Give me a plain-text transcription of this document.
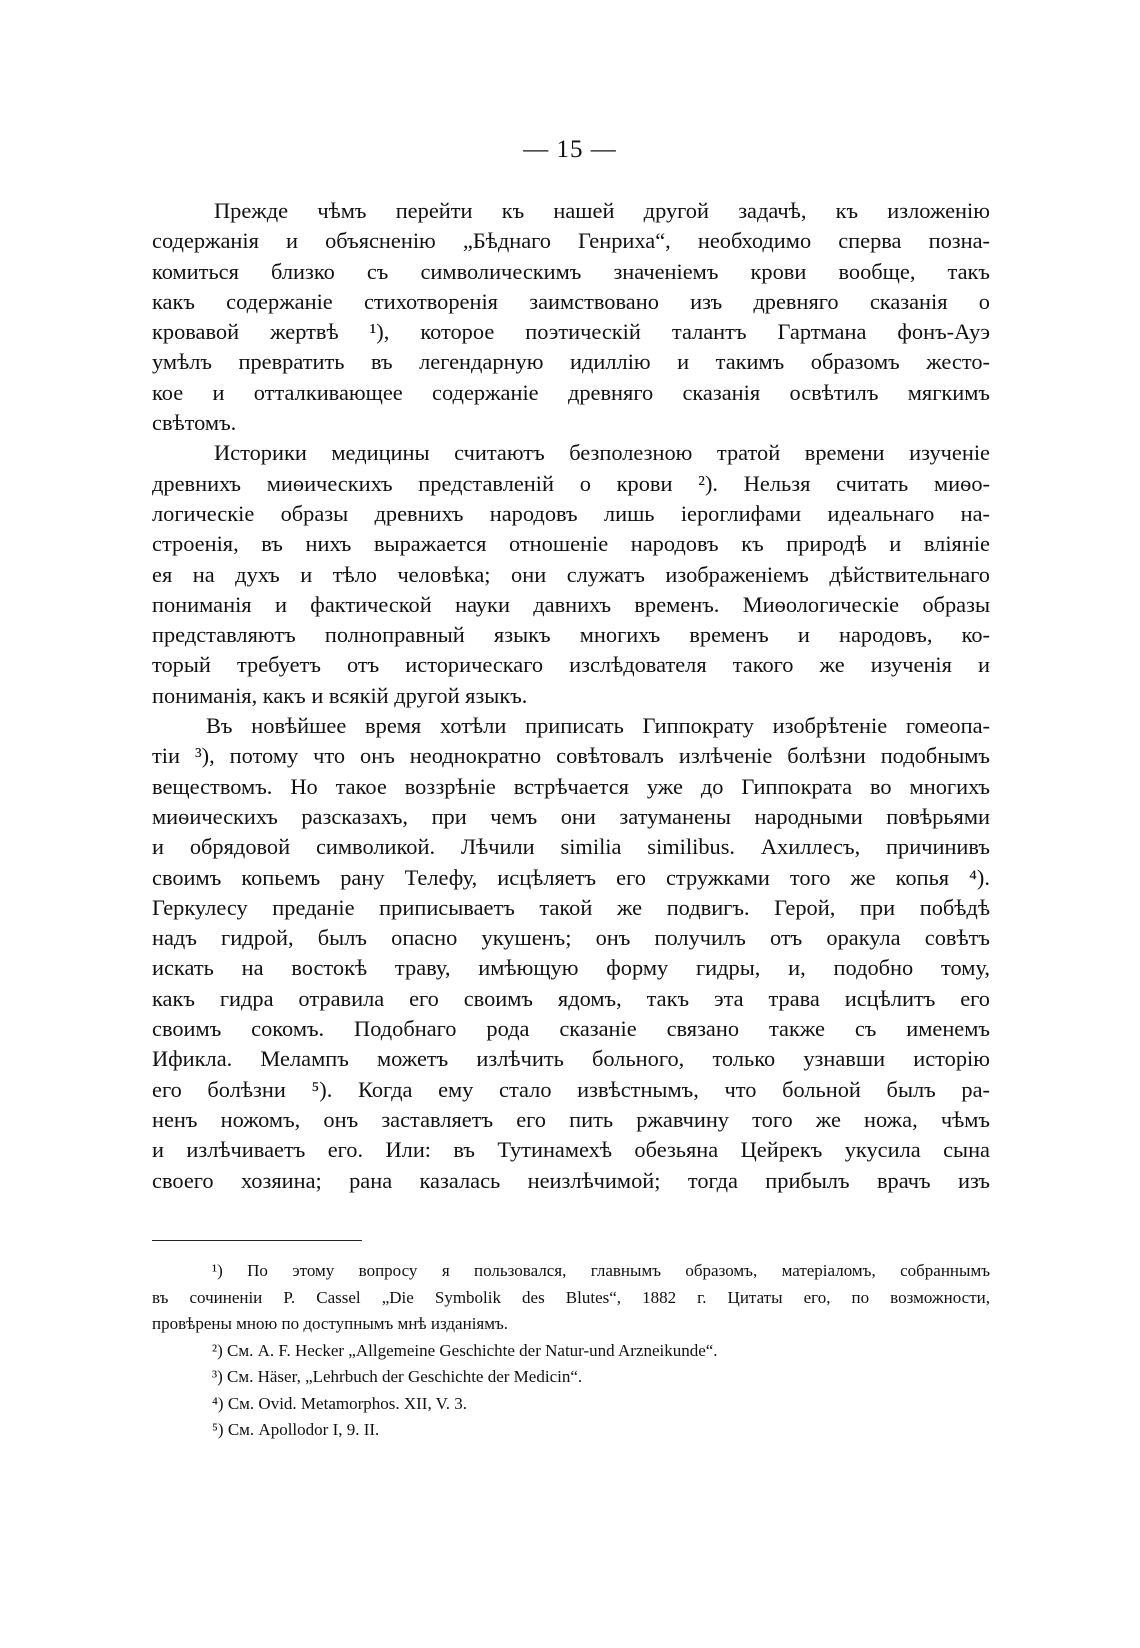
— 15 —
Прежде чѣмъ перейти къ нашей другой задачѣ, къ изложенію
содержанія и объясненію „Бѣднаго Генриха“, необходимо сперва позна-
комиться близко съ символическимъ значеніемъ крови вообще, такъ
какъ содержаніе стихотворенія заимствовано изъ древняго сказанія о
кровавой жертвѣ ¹), которое поэтическій талантъ Гартмана фонъ-Ауэ
умѣлъ превратить въ легендарную идиллію и такимъ образомъ жесто-
кое и отталкивающее содержаніе древняго сказанія освѣтилъ мягкимъ
свѣтомъ.
Историки медицины считаютъ безполезною тратой времени изученіе
древнихъ миѳическихъ представленій о крови ²). Нельзя считать миѳо-
логическіе образы древнихъ народовъ лишь іероглифами идеальнаго на-
строенія, въ нихъ выражается отношеніе народовъ къ природѣ и вліяніе
ея на духъ и тѣло человѣка; они служатъ изображеніемъ дѣйствительнаго
пониманія и фактической науки давнихъ временъ. Миѳологическіе образы
представляютъ полноправный языкъ многихъ временъ и народовъ, ко-
торый требуетъ отъ историческаго изслѣдователя такого же изученія и
пониманія, какъ и всякій другой языкъ.
Въ новѣйшее время хотѣли приписать Гиппократу изобрѣтеніе гомеопа-
тіи ³), потому что онъ неоднократно совѣтовалъ излѣченіе болѣзни подобнымъ
веществомъ. Но такое воззрѣніе встрѣчается уже до Гиппократа во многихъ
миѳическихъ разсказахъ, при чемъ они затуманены народными повѣрьями
и обрядовой символикой. Лѣчили similia similibus. Ахиллесъ, причинивъ
своимъ копьемъ рану Телефу, исцѣляетъ его стружками того же копья ⁴).
Геркулесу преданіе приписываетъ такой же подвигъ. Герой, при побѣдѣ
надъ гидрой, былъ опасно укушенъ; онъ получилъ отъ оракула совѣтъ
искать на востокѣ траву, имѣющую форму гидры, и, подобно тому,
какъ гидра отравила его своимъ ядомъ, такъ эта трава исцѣлитъ его
своимъ сокомъ. Подобнаго рода сказаніе связано также съ именемъ
Ификла. Мелампъ можетъ излѣчить больного, только узнавши исторію
его болѣзни ⁵). Когда ему стало извѣстнымъ, что больной былъ ра-
ненъ ножомъ, онъ заставляетъ его пить ржавчину того же ножа, чѣмъ
и излѣчиваетъ его. Или: въ Тутинамехѣ обезьяна Цейрекъ укусила сына
своего хозяина; рана казалась неизлѣчимой; тогда прибылъ врачъ изъ
¹) По этому вопросу я пользовался, главнымъ образомъ, матеріаломъ, собраннымъ
въ сочиненіи P. Cassel „Die Symbolik des Blutes“, 1882 г. Цитаты его, по возможности,
провѣрены мною по доступнымъ мнѣ изданіямъ.
²) См. A. F. Hecker „Allgemeine Geschichte der Natur-und Arzneikunde“.
³) См. Häser, „Lehrbuch der Geschichte der Medicin“.
⁴) См. Ovid. Metamorphos. XII, V. 3.
⁵) См. Apollodor I, 9. II.
